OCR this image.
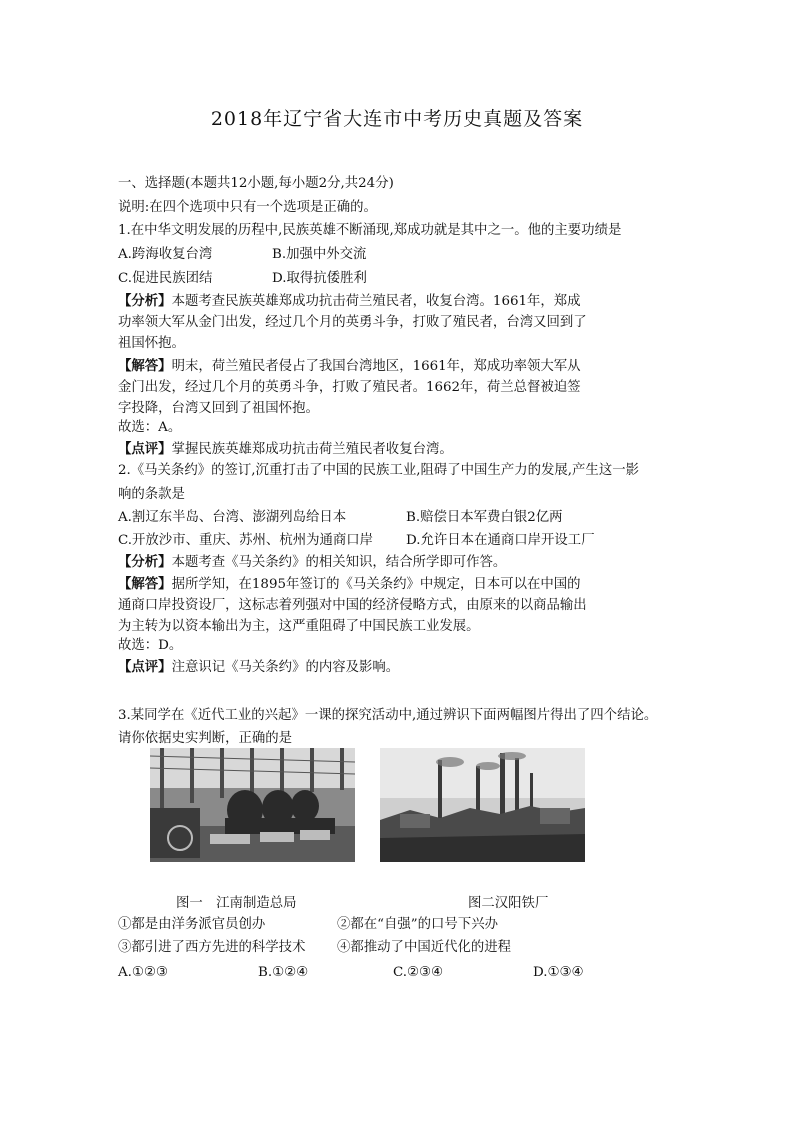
2018年辽宁省大连市中考历史真题及答案
一、选择题(本题共12小题,每小题2分,共24分)
说明:在四个选项中只有一个选项是正确的。
1.在中华文明发展的历程中,民族英雄不断涌现,郑成功就是其中之一。他的主要功绩是
A.跨海收复台湾	B.加强中外交流
C.促进民族团结	D.取得抗倭胜利
【分析】本题考查民族英雄郑成功抗击荷兰殖民者，收复台湾。1661年，郑成
功率领大军从金门出发，经过几个月的英勇斗争，打败了殖民者，台湾又回到了
祖国怀抱。
【解答】明末，荷兰殖民者侵占了我国台湾地区，1661年，郑成功率领大军从
金门出发，经过几个月的英勇斗争，打败了殖民者。1662年，荷兰总督被迫签
字投降，台湾又回到了祖国怀抱。
故选：A。
【点评】掌握民族英雄郑成功抗击荷兰殖民者收复台湾。
2.《马关条约》的签订,沉重打击了中国的民族工业,阻碍了中国生产力的发展,产生这一影
响的条款是
A.割辽东半岛、台湾、澎湖列岛给日本	B.赔偿日本军费白银2亿两
C.开放沙市、重庆、苏州、杭州为通商口岸 D.允许日本在通商口岸开设工厂
【分析】本题考查《马关条约》的相关知识，结合所学即可作答。
【解答】据所学知，在1895年签订的《马关条约》中规定，日本可以在中国的
通商口岸投资设厂，这标志着列强对中国的经济侵略方式，由原来的以商品输出
为主转为以资本输出为主，这严重阻碍了中国民族工业发展。
故选：D。
【点评】注意识记《马关条约》的内容及影响。
3.某同学在《近代工业的兴起》一课的探究活动中,通过辨识下面两幅图片得出了四个结论。
请你依据史实判断，正确的是
图一　江南制造总局	图二汉阳铁厂
①都是由洋务派官员创办	②都在“自强”的口号下兴办
③都引进了西方先进的科学技术 ④都推动了中国近代化的进程
A.①②③	B.①②④	C.②③④	D.①③④
